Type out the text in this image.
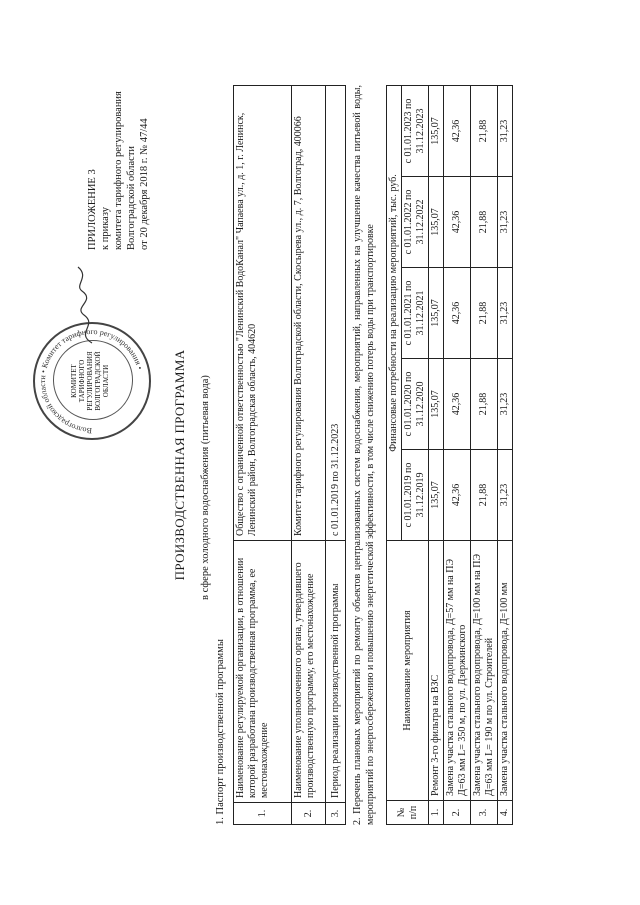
ПРИЛОЖЕНИЕ 3 к приказу комитета тарифного регулирования Волгоградской области от 20 декабря 2018 г. № 47/44
Волгоградской области • Комитет тарифного регулирования •
КОМИТЕТ ТАРИФНОГО РЕГУЛИРОВАНИЯ ВОЛГОГРАДСКОЙ ОБЛАСТИ	ПРОИЗВОДСТВЕННАЯ ПРОГРАММА в сфере холодного водоснабжения (питьевая вода)
1. Паспорт производственной программы	1.	Наименование регулируемой организации, в отношении которой разработана производственная программа, ее местонахождение	Общество с ограниченной ответственностью "Ленинский ВодоКанал" Чапаева ул., д. 1, г. Ленинск, Ленинский район, Волгоградская область, 404620
2.	Наименование уполномоченного органа, утвердившего производственную программу, его местонахождение	Комитет тарифного регулирования Волгоградской области, Скосырева ул., д. 7, Волгоград, 400066
3.	Период реализации производственной программы	с 01.01.2019 по 31.12.2023 2. Перечень плановых мероприятий по ремонту объектов централизованных систем водоснабжения, мероприятий, направленных на улучшение качества питьевой воды, мероприятий по энергосбережению и повышению энергетической эффективности, в том числе снижению потерь воды при транспортировке № п/п	Наименование мероприятия	Финансовые потребности на реализацию мероприятий, тыс. руб.				
		с 01.01.2019 по 31.12.2019	с 01.01.2020 по 31.12.2020	с 01.01.2021 по 31.12.2021	с 01.01.2022 по 31.12.2022	с 01.01.2023 по 31.12.2023
1.	Ремонт 3-го фильтра на ВЗС	135,07	135,07	135,07	135,07	135,07
2.	Замена участка стального водопровода, Д=57 мм на ПЭ Д=63 мм L= 350 м, по ул. Дзержинского	42,36	42,36	42,36	42,36	42,36
3.	Замена участка стального водопровода, Д=100 мм на ПЭ Д=63 мм L= 190 м по ул. Строителей	21,88	21,88	21,88	21,88	21,88
4.	Замена участка стального водопровода, Д=100 мм	31,23	31,23	31,23	31,23	31,23
